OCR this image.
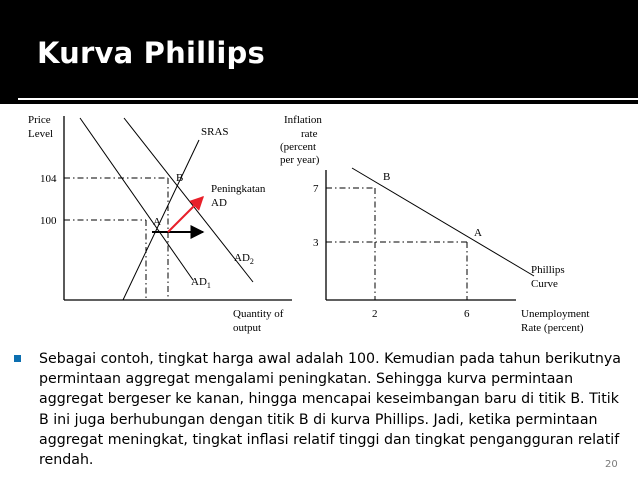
Kurva Phillips
Price
Level
104
100
B
A
SRAS
Peningkatan
AD
$AD_2$
$AD_1$
Quantity of
output
Inflation
rate
(percent
per year)
7
3
B
A
Phillips
Curve
2	6	Unemployment
Rate (percent)
Sebagai contoh, tingkat harga awal adalah 100. Kemudian pada tahun berikutnya permintaan aggregat mengalami peningkatan. Sehingga kurva permintaan aggregat bergeser ke kanan, hingga mencapai keseimbangan baru di titik B. Titik B ini juga berhubungan dengan titik B di kurva Phillips. Jadi, ketika permintaan aggregat meningkat, tingkat inflasi relatif tinggi dan tingkat pengangguran relatif rendah.	20
